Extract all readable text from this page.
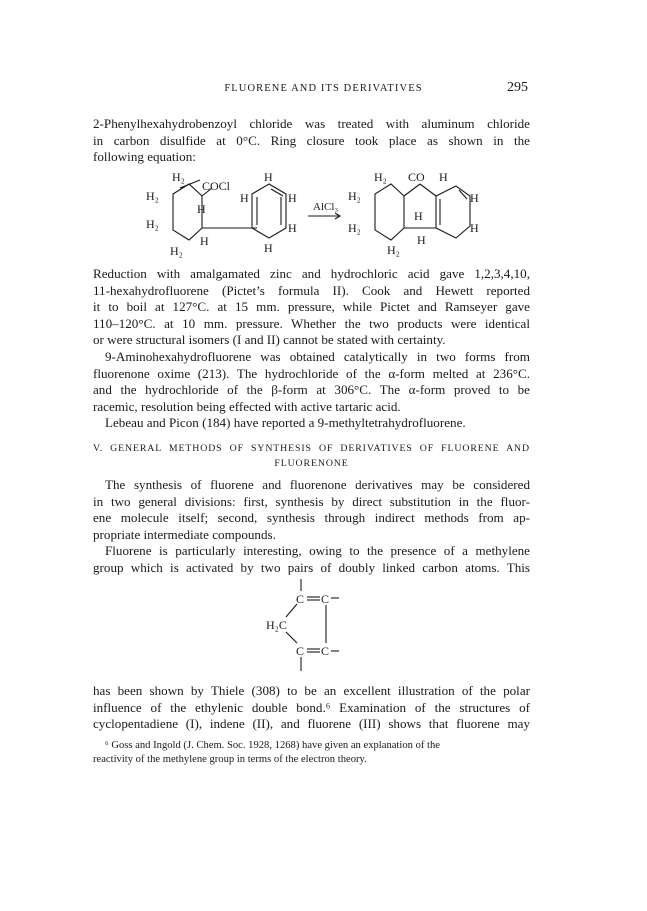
FLUORENE AND ITS DERIVATIVES	295
2-Phenylhexahydrobenzoyl chloride was treated with aluminum chloride
in carbon disulfide at 0°C. Ring closure took place as shown in the
following equation:
H₂
COCl
H₂
H
H₂
H
H₂
H
H	H
H
H
AlCl₃
H₂ CO H
H₂
H
H
H₂
H
H
H₂
Reduction with amalgamated zinc and hydrochloric acid gave 1,2,3,4,10,
11-hexahydrofluorene (Pictet’s formula II). Cook and Hewett reported
it to boil at 127°C. at 15 mm. pressure, while Pictet and Ramseyer gave
110–120°C. at 10 mm. pressure. Whether the two products were identical
or were structural isomers (I and II) cannot be stated with certainty.
9-Aminohexahydrofluorene was obtained catalytically in two forms from
fluorenone oxime (213). The hydrochloride of the α-form melted at 236°C.
and the hydrochloride of the β-form at 306°C. The α-form proved to be
racemic, resolution being effected with active tartaric acid.
Lebeau and Picon (184) have reported a 9-methyltetrahydrofluorene.
V. GENERAL METHODS OF SYNTHESIS OF DERIVATIVES OF FLUORENE AND
FLUORENONE
The synthesis of fluorene and fluorenone derivatives may be considered
in two general divisions: first, synthesis by direct substitution in the fluor-
ene molecule itself; second, synthesis through indirect methods from ap-
propriate intermediate compounds.
Fluorene is particularly interesting, owing to the presence of a methylene
group which is activated by two pairs of doubly linked carbon atoms. This
C C
H₂C
C C
has been shown by Thiele (308) to be an excellent illustration of the polar
influence of the ethylenic double bond.⁶ Examination of the structures of
cyclopentadiene (I), indene (II), and fluorene (III) shows that fluorene may
⁶ Goss and Ingold (J. Chem. Soc. 1928, 1268) have given an explanation of the
reactivity of the methylene group in terms of the electron theory.
